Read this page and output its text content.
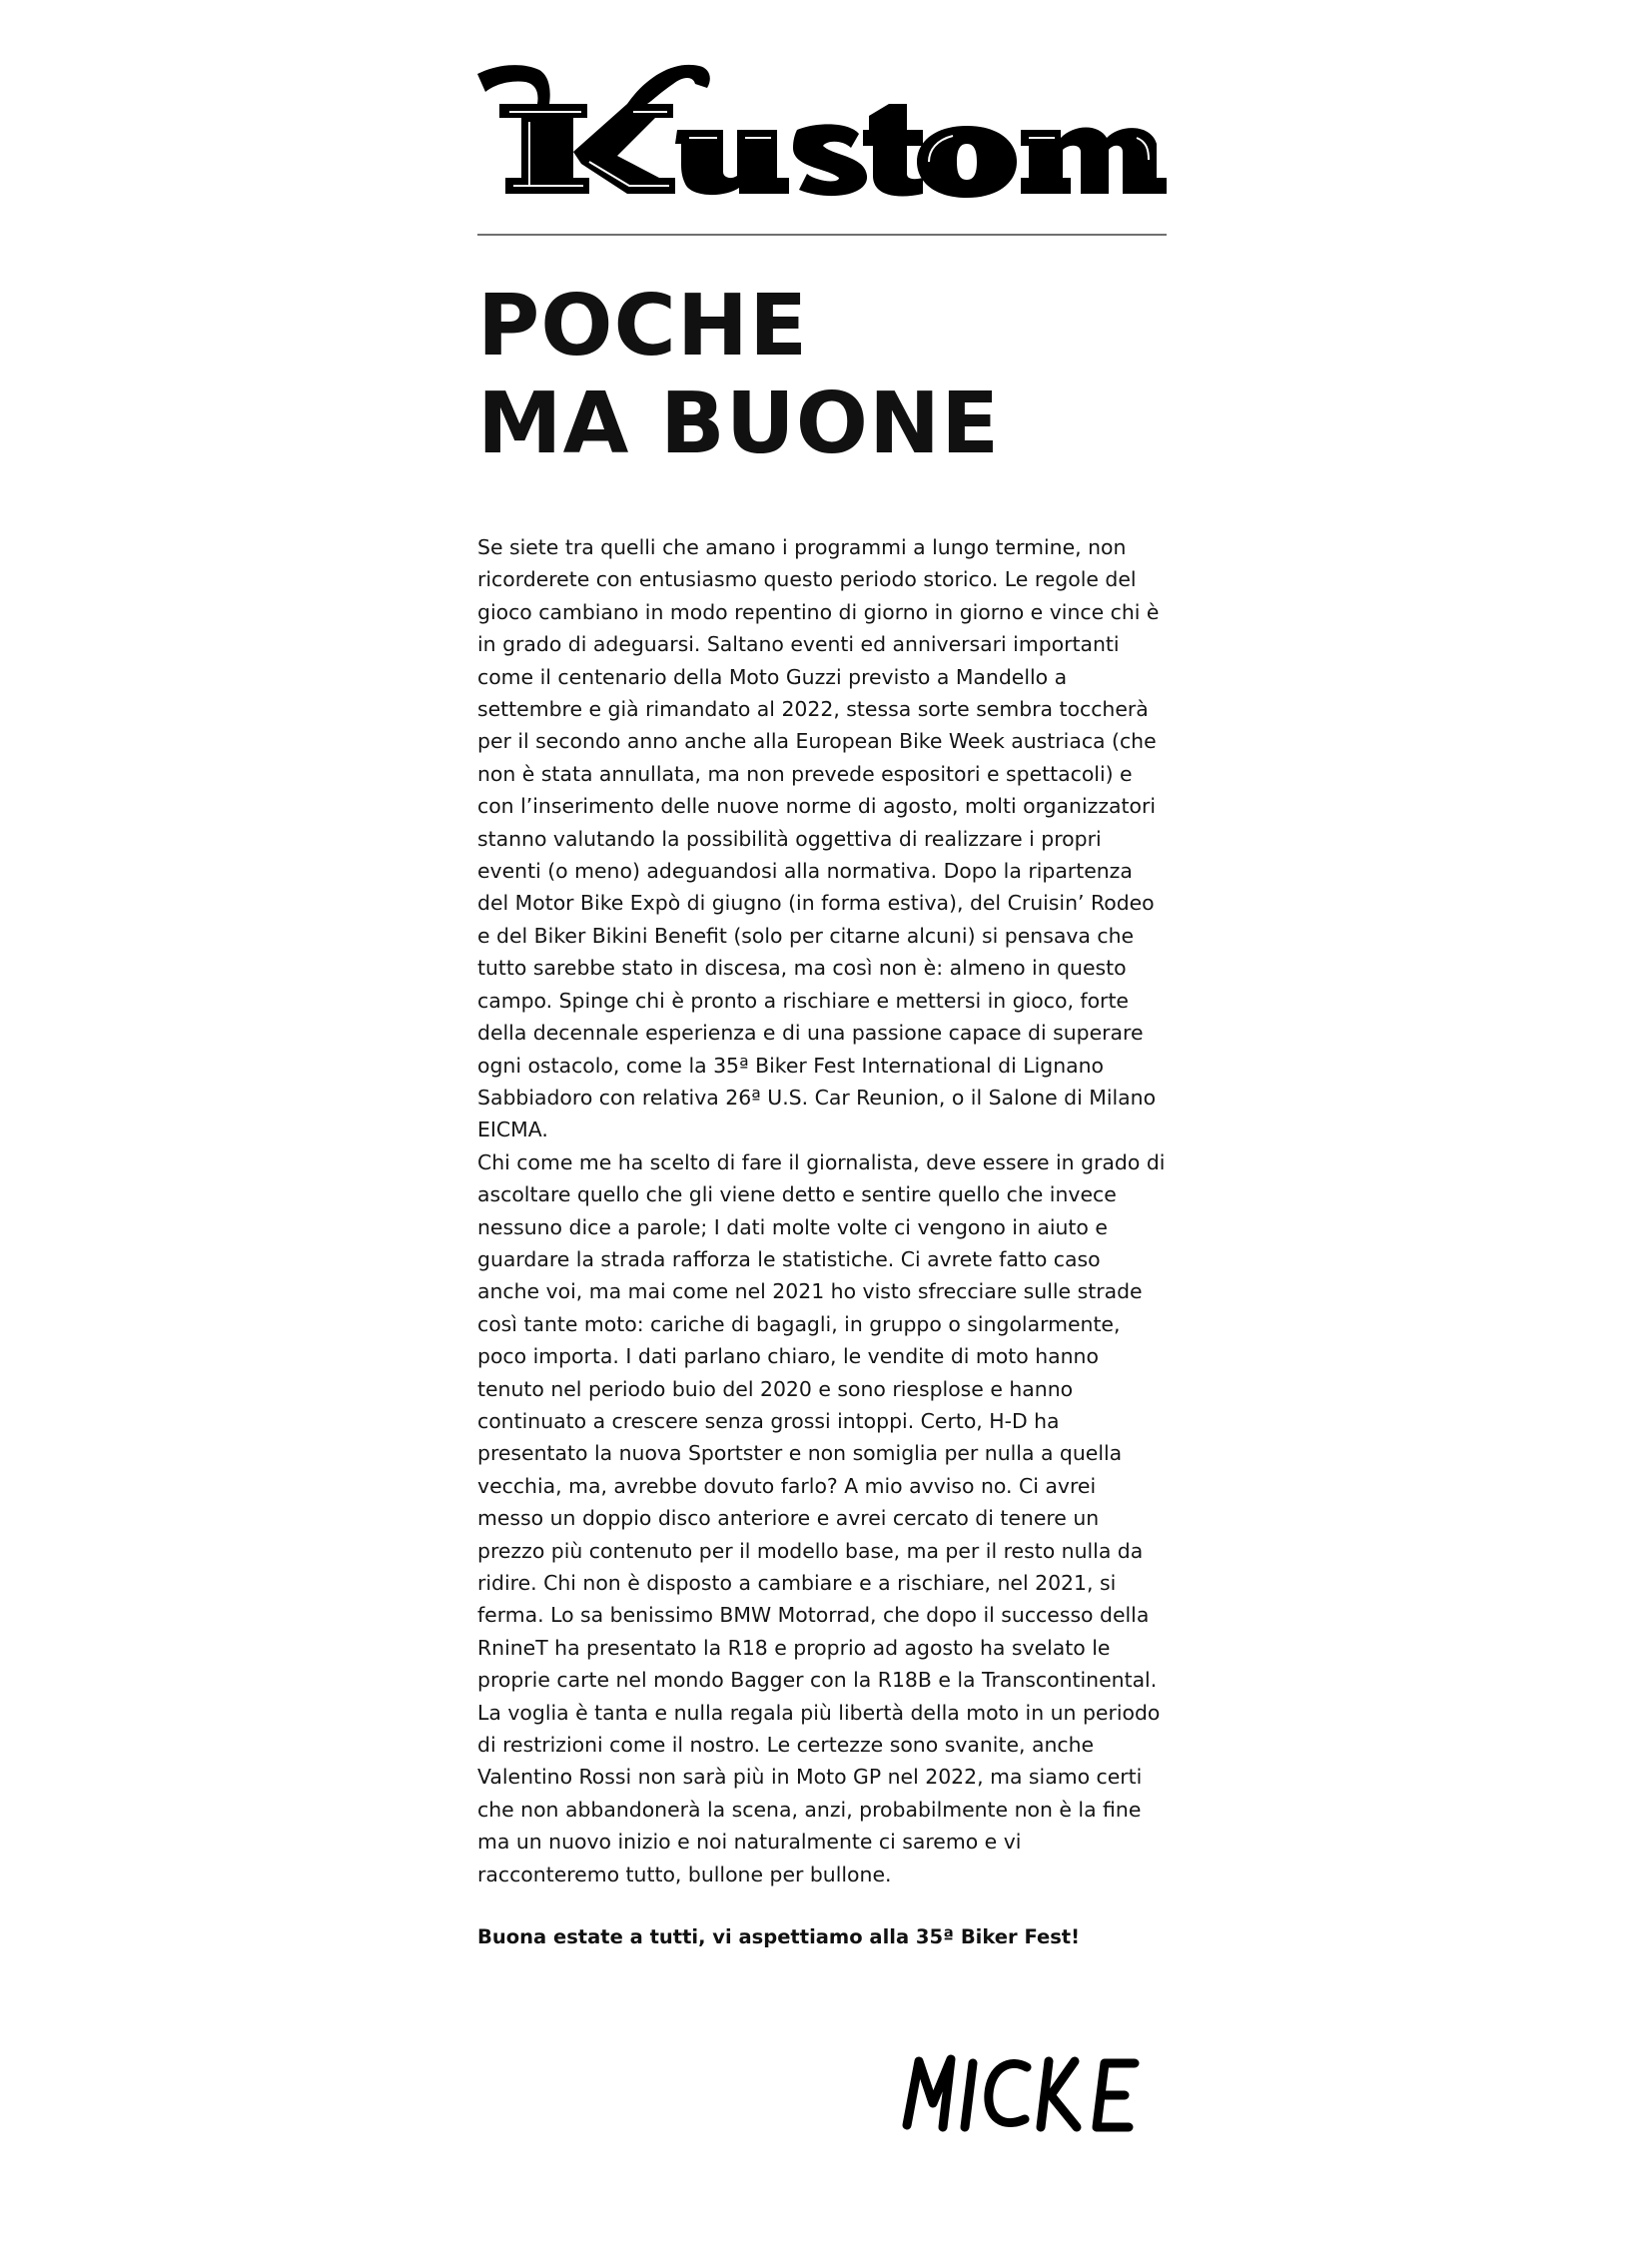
POCHE
MA BUONE

Se siete tra quelli che amano i programmi a lungo termine, non ricorderete con entusiasmo questo periodo storico. Le regole del gioco cambiano in modo repentino di giorno in giorno e vince chi è in grado di adeguarsi. Saltano eventi ed anniversari importanti come il centenario della Moto Guzzi previsto a Mandello a settembre e già rimandato al 2022, stessa sorte sembra toccherà per il secondo anno anche alla European Bike Week austriaca (che non è stata annullata, ma non prevede espositori e spettacoli) e con l’inserimento delle nuove norme di agosto, molti organizzatori stanno valutando la possibilità oggettiva di realizzare i propri eventi (o meno) adeguandosi alla normativa. Dopo la ripartenza del Motor Bike Expò di giugno (in forma estiva), del Cruisin’ Rodeo e del Biker Bikini Benefit (solo per citarne alcuni) si pensava che tutto sarebbe stato in discesa, ma così non è: almeno in questo campo. Spinge chi è pronto a rischiare e mettersi in gioco, forte della decennale esperienza e di una passione capace di superare ogni ostacolo, come la 35ª Biker Fest International di Lignano Sabbiadoro con relativa 26ª U.S. Car Reunion, o il Salone di Milano EICMA.

Chi come me ha scelto di fare il giornalista, deve essere in grado di ascoltare quello che gli viene detto e sentire quello che invece nessuno dice a parole; I dati molte volte ci vengono in aiuto e guardare la strada rafforza le statistiche. Ci avrete fatto caso anche voi, ma mai come nel 2021 ho visto sfrecciare sulle strade così tante moto: cariche di bagagli, in gruppo o singolarmente, poco importa. I dati parlano chiaro, le vendite di moto hanno tenuto nel periodo buio del 2020 e sono riesplose e hanno continuato a crescere senza grossi intoppi. Certo, H-D ha presentato la nuova Sportster e non somiglia per nulla a quella vecchia, ma, avrebbe dovuto farlo? A mio avviso no. Ci avrei messo un doppio disco anteriore e avrei cercato di tenere un prezzo più contenuto per il modello base, ma per il resto nulla da ridire. Chi non è disposto a cambiare e a rischiare, nel 2021, si ferma. Lo sa benissimo BMW Motorrad, che dopo il successo della RnineT ha presentato la R18 e proprio ad agosto ha svelato le proprie carte nel mondo Bagger con la R18B e la Transcontinental. La voglia è tanta e nulla regala più libertà della moto in un periodo di restrizioni come il nostro. Le certezze sono svanite, anche Valentino Rossi non sarà più in Moto GP nel 2022, ma siamo certi che non abbandonerà la scena, anzi, probabilmente non è la fine ma un nuovo inizio e noi naturalmente ci saremo e vi racconteremo tutto, bullone per bullone.

Buona estate a tutti, vi aspettiamo alla 35ª Biker Fest!
